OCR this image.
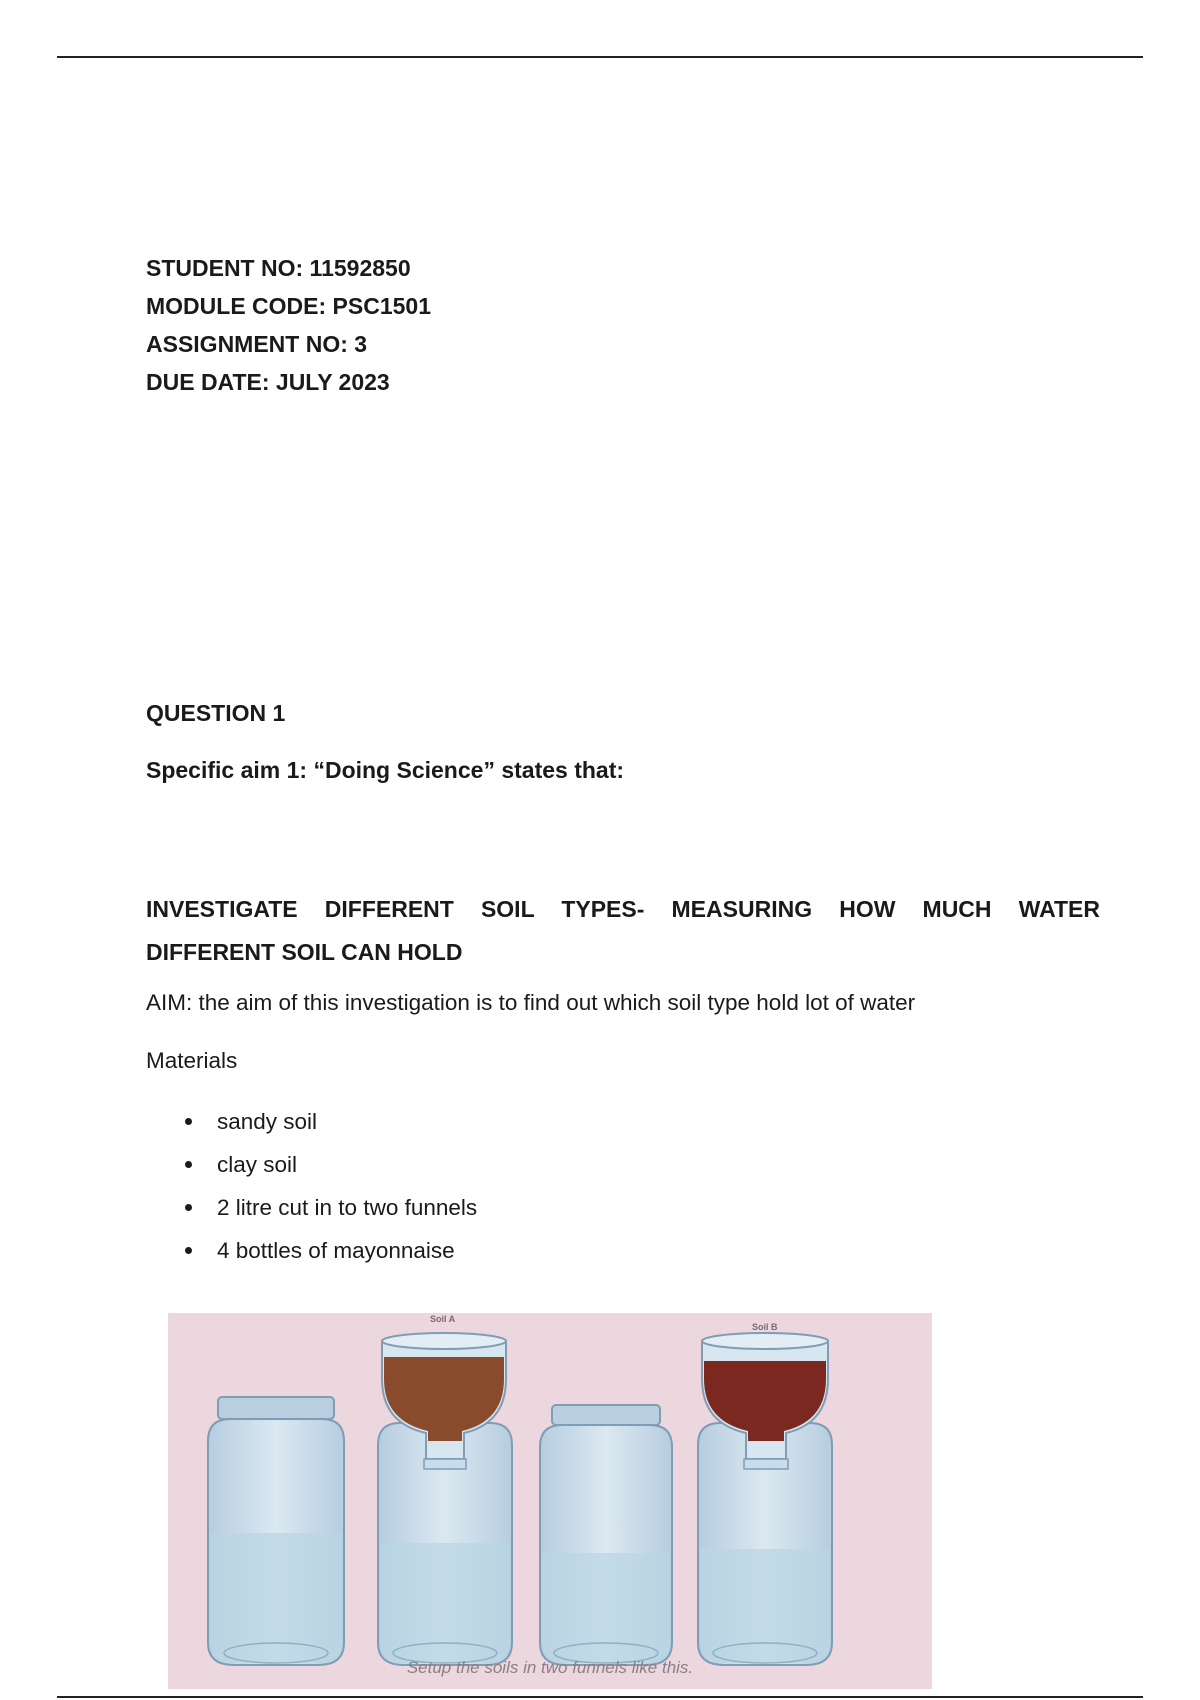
STUDENT NO: 11592850
MODULE CODE: PSC1501
ASSIGNMENT NO: 3
DUE DATE: JULY 2023
QUESTION 1
Specific aim 1: “Doing Science” states that:
INVESTIGATE DIFFERENT SOIL TYPES- MEASURING HOW MUCH WATER
DIFFERENT SOIL CAN HOLD
AIM: the aim of this investigation is to find out which soil type hold lot of water
Materials
sandy soil
clay soil
2 litre cut in to two funnels
4 bottles of mayonnaise
Soil A
Soil B
Setup the soils in two funnels like this.
